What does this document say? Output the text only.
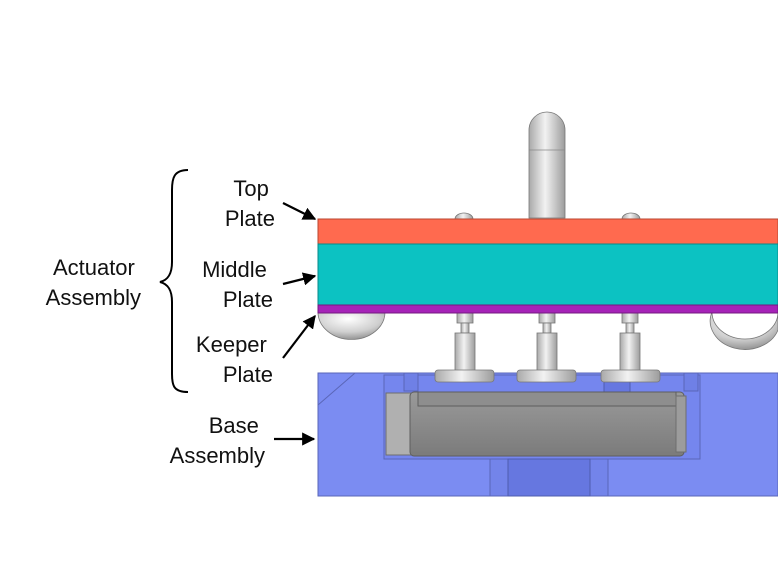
Actuator Assembly
Top Plate
Middle Plate
Keeper Plate
Base Assembly
